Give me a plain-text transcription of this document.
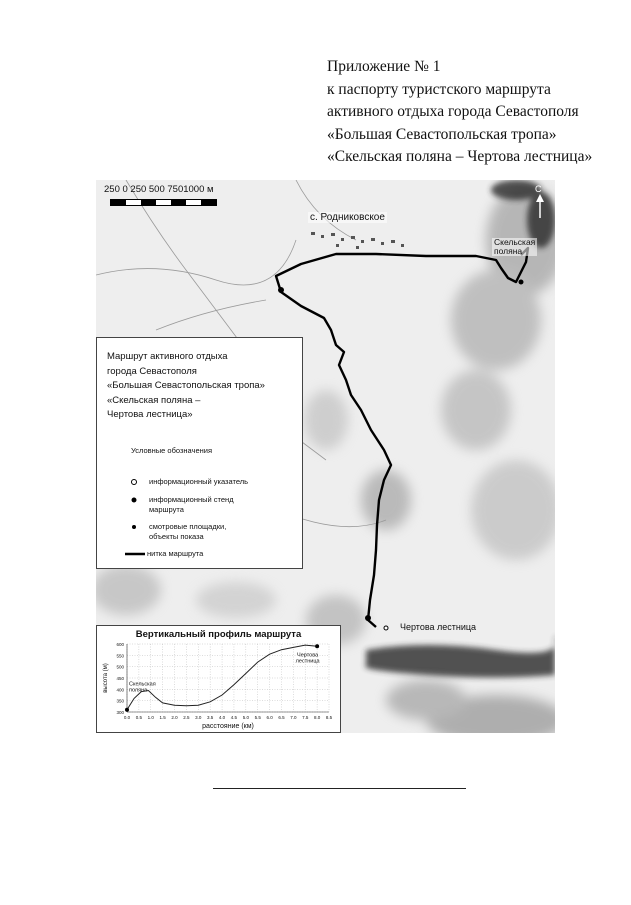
Приложение № 1
к паспорту туристского маршрута
активного отдыха города Севастополя
«Большая Севастопольская тропа»
«Скельская поляна – Чертова лестница»
250 0 250 500 7501000 м
с. Родниковское
Скельская
поляна
Чертова лестница
С
Маршрут активного отдыха
города Севастополя
«Большая Севастопольская тропа»
«Скельская поляна –
Чертова лестница»
Условные обозначения
информационный указатель
информационный стенд
маршрута
смотровые площадки,
объекты показа
нитка маршрута
Вертикальный профиль маршрута
300
350
400
450
500
550
600
0.0 0.5 1.0 1.5 2.0 2.5 3.0 3.5 4.0 4.5 5.0 5.5 6.0 6.5 7.0 7.5 8.0 8.5
Скельская
поляна
Чертова
лестница
расстояние (км)
высота (м)
